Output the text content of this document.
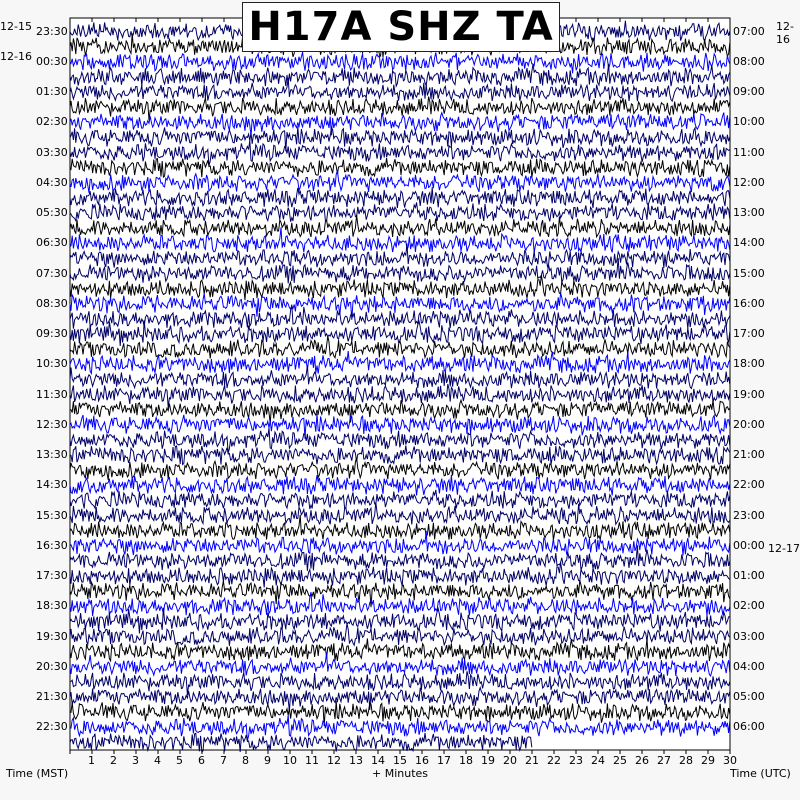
H17A SHZ TA
12-15
12-16
12-16
23:30
00:30
01:30
02:30
03:30
04:30
05:30
06:30
07:30
08:30
09:30
10:30
11:30
12:30
13:30
14:30
15:30
16:30
17:30
18:30
19:30
20:30
21:30
22:30
07:00
08:00
09:00
10:00
11:00
12:00
13:00
14:00
15:00
16:00
17:00
18:00
19:00
20:00
21:00
22:00
23:00
00:00
01:00
02:00
03:00
04:00
05:00
06:00
1 2 3 4 5 6 7 8 9 10 11 12 13 14 15 16 17 18 19 20 21 22 23 24 25 26 27 28 29 30
12-17
Time (MST)	+ Minutes	Time (UTC)
